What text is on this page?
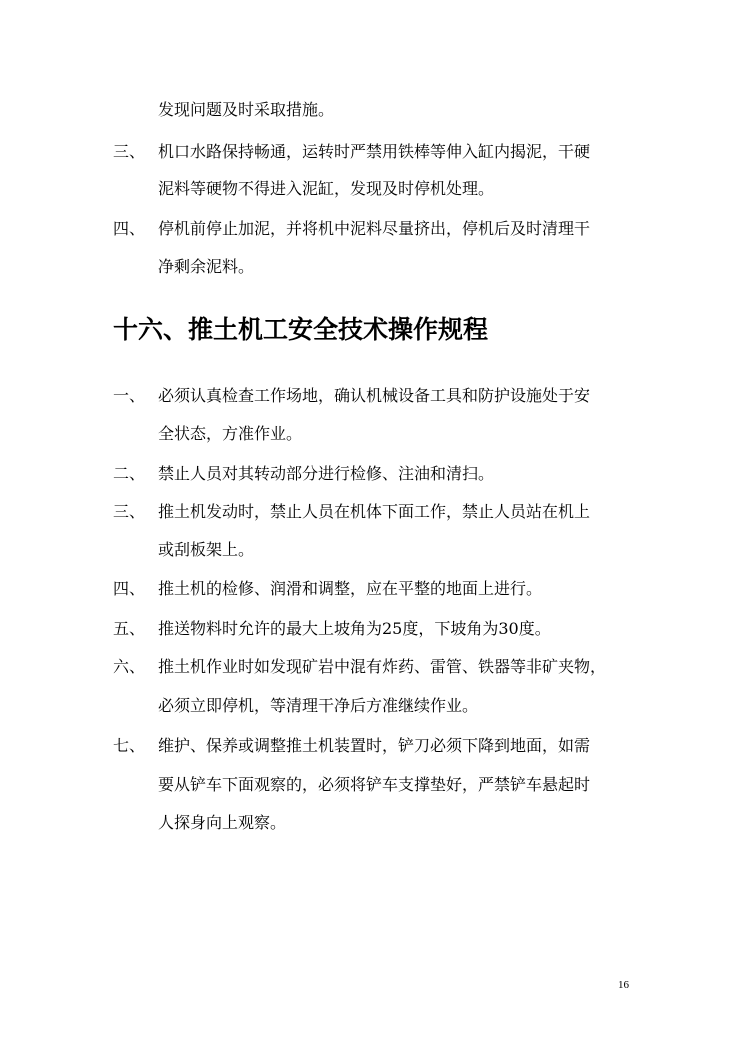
发现问题及时采取措施。
三、 机口水路保持畅通，运转时严禁用铁棒等伸入缸内揭泥，干硬
泥料等硬物不得进入泥缸，发现及时停机处理。
四、 停机前停止加泥，并将机中泥料尽量挤出，停机后及时清理干
净剩余泥料。
十六、推土机工安全技术操作规程
一、 必须认真检查工作场地，确认机械设备工具和防护设施处于安
全状态，方准作业。
二、 禁止人员对其转动部分进行检修、注油和清扫。
三、 推土机发动时，禁止人员在机体下面工作，禁止人员站在机上
或刮板架上。
四、 推土机的检修、润滑和调整，应在平整的地面上进行。
五、 推送物料时允许的最大上坡角为25度，下坡角为30度。
六、 推土机作业时如发现矿岩中混有炸药、雷管、铁器等非矿夹物，
必须立即停机，等清理干净后方准继续作业。
七、 维护、保养或调整推土机装置时，铲刀必须下降到地面，如需
要从铲车下面观察的，必须将铲车支撑垫好，严禁铲车悬起时
人探身向上观察。
16
